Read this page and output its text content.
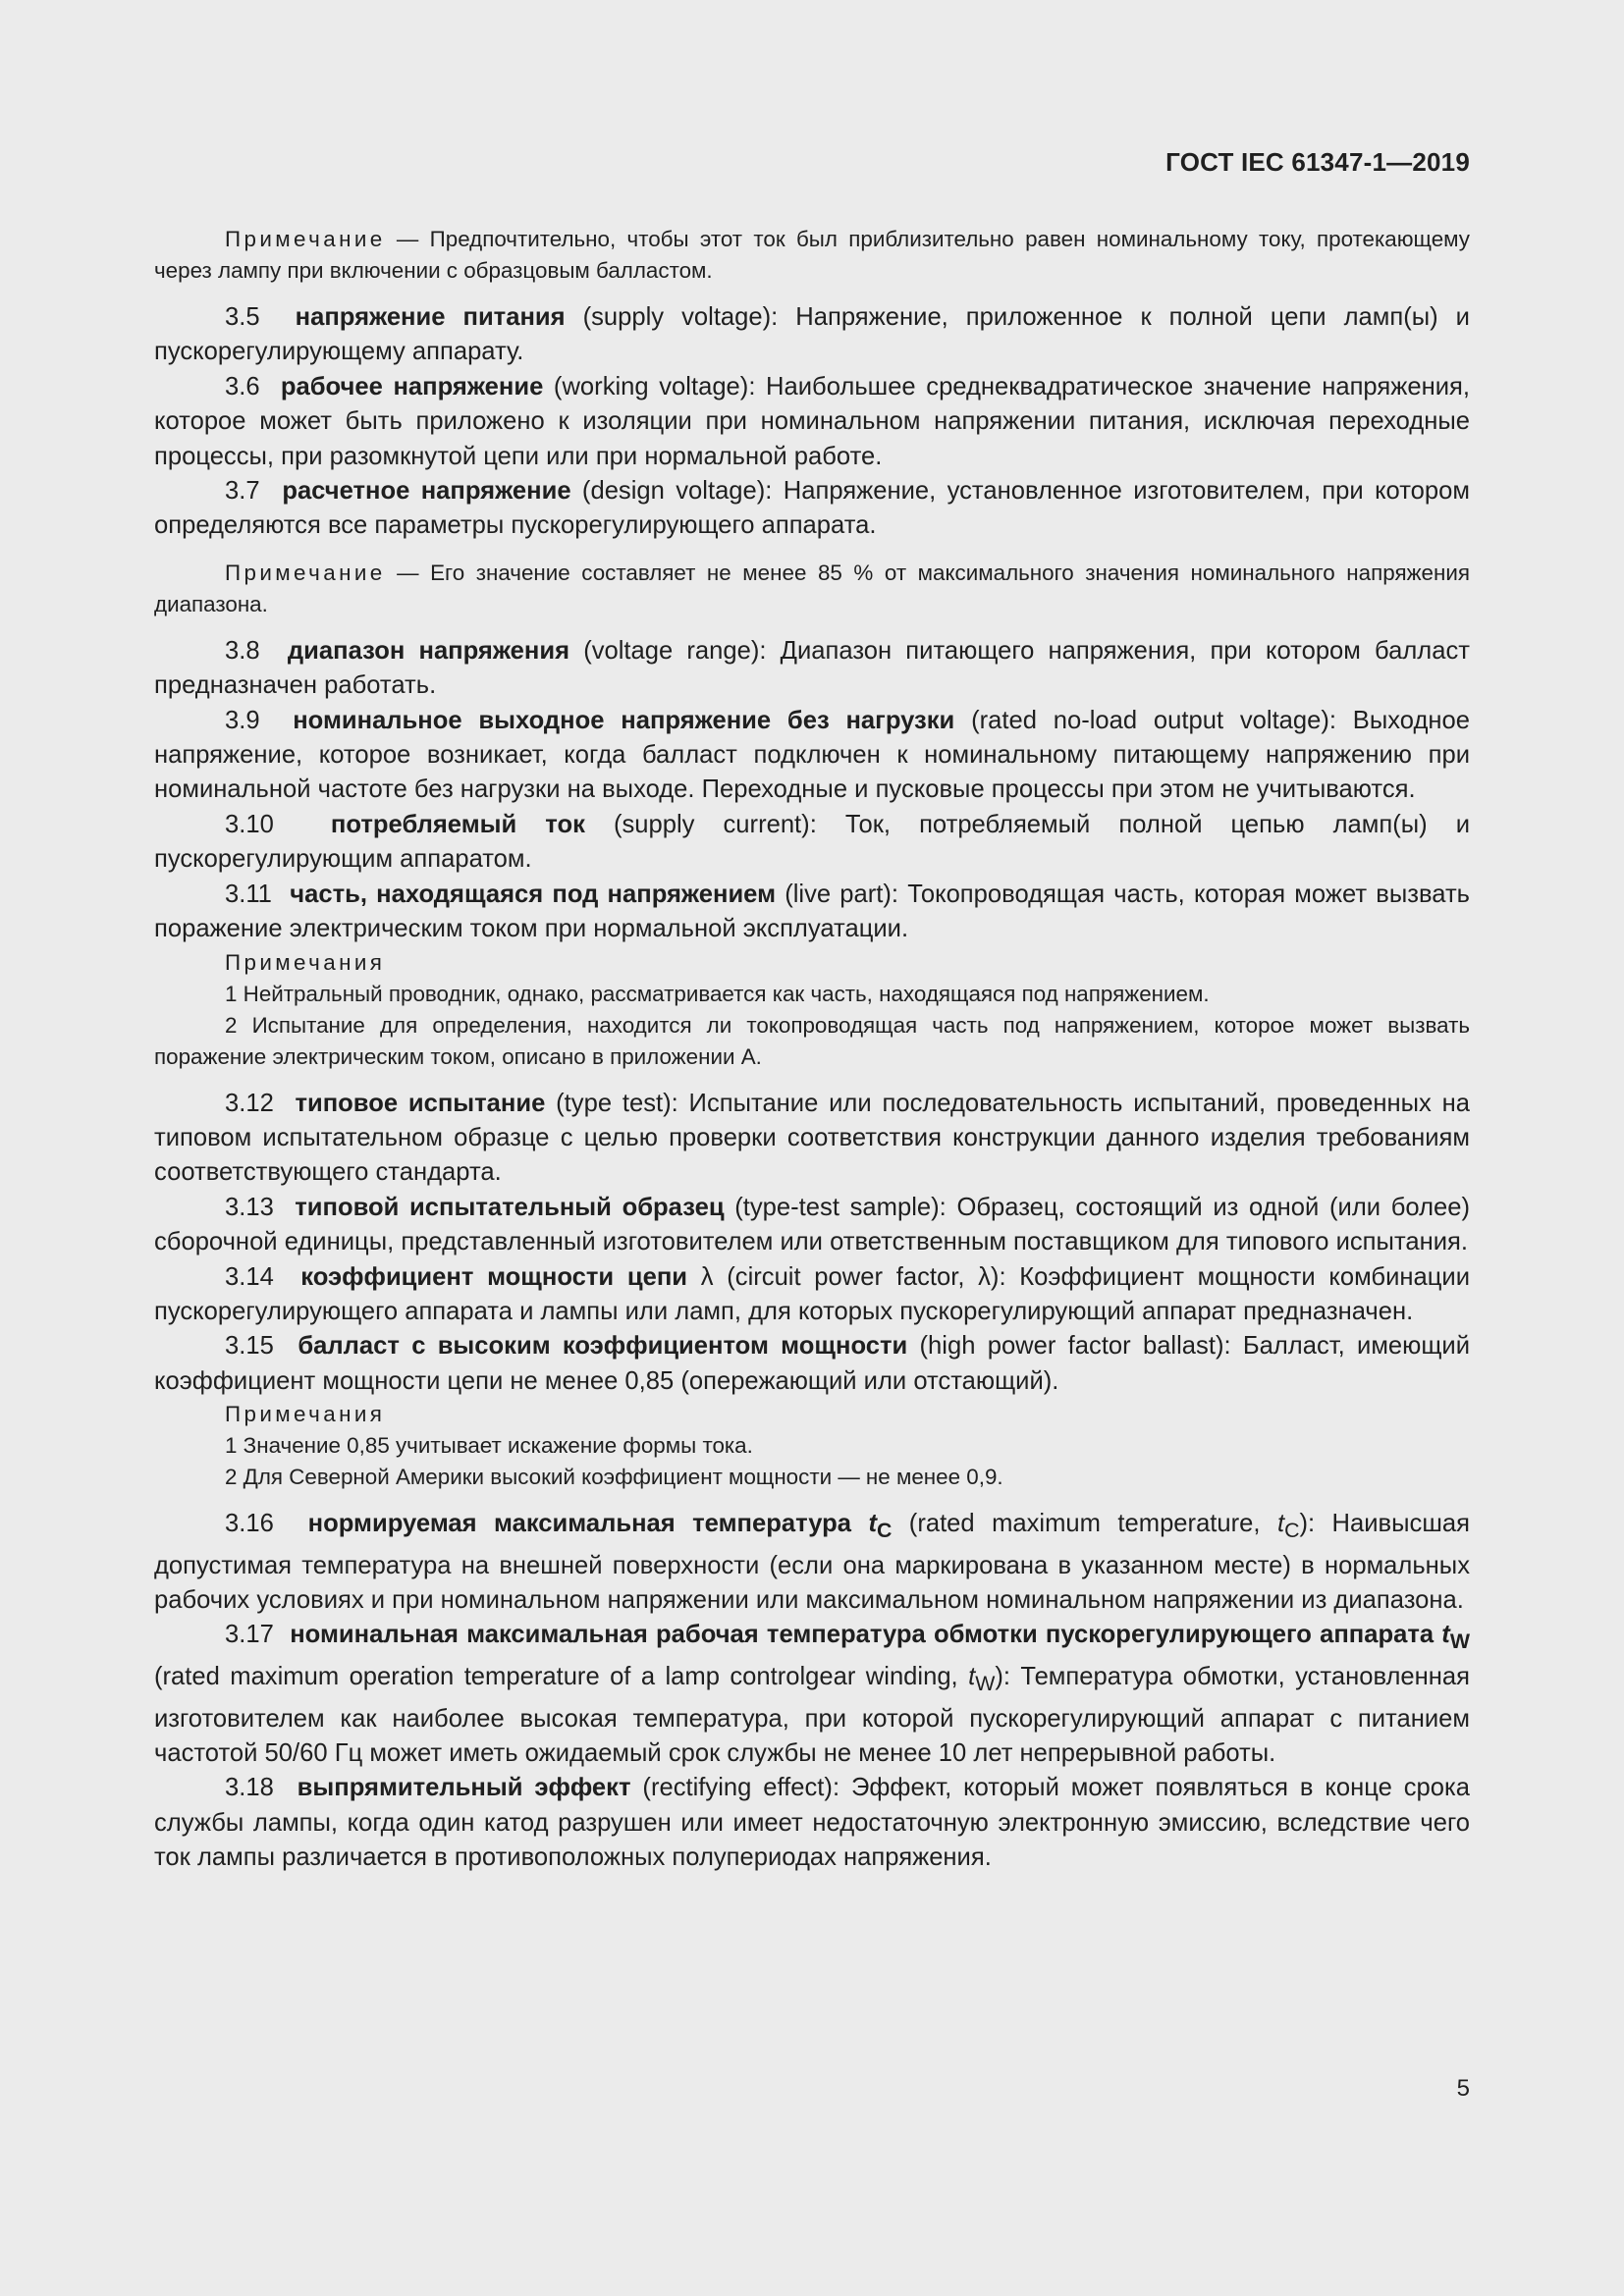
ГОСТ IEC 61347-1—2019

Примечание — Предпочтительно, чтобы этот ток был приблизительно равен номинальному току, протекающему через лампу при включении с образцовым балластом.

3.5 напряжение питания (supply voltage): Напряжение, приложенное к полной цепи ламп(ы) и пускорегулирующему аппарату.

3.6 рабочее напряжение (working voltage): Наибольшее среднеквадратическое значение напряжения, которое может быть приложено к изоляции при номинальном напряжении питания, исключая переходные процессы, при разомкнутой цепи или при нормальной работе.

3.7 расчетное напряжение (design voltage): Напряжение, установленное изготовителем, при котором определяются все параметры пускорегулирующего аппарата.

Примечание — Его значение составляет не менее 85 % от максимального значения номинального напряжения диапазона.

3.8 диапазон напряжения (voltage range): Диапазон питающего напряжения, при котором балласт предназначен работать.

3.9 номинальное выходное напряжение без нагрузки (rated no-load output voltage): Выходное напряжение, которое возникает, когда балласт подключен к номинальному питающему напряжению при номинальной частоте без нагрузки на выходе. Переходные и пусковые процессы при этом не учитываются.

3.10 потребляемый ток (supply current): Ток, потребляемый полной цепью ламп(ы) и пускорегулирующим аппаратом.

3.11 часть, находящаяся под напряжением (live part): Токопроводящая часть, которая может вызвать поражение электрическим током при нормальной эксплуатации.

Примечания

1 Нейтральный проводник, однако, рассматривается как часть, находящаяся под напряжением.

2 Испытание для определения, находится ли токопроводящая часть под напряжением, которое может вызвать поражение электрическим током, описано в приложении А.

3.12 типовое испытание (type test): Испытание или последовательность испытаний, проведенных на типовом испытательном образце с целью проверки соответствия конструкции данного изделия требованиям соответствующего стандарта.

3.13 типовой испытательный образец (type-test sample): Образец, состоящий из одной (или более) сборочной единицы, представленный изготовителем или ответственным поставщиком для типового испытания.

3.14 коэффициент мощности цепи λ (circuit power factor, λ): Коэффициент мощности комбинации пускорегулирующего аппарата и лампы или ламп, для которых пускорегулирующий аппарат предназначен.

3.15 балласт с высоким коэффициентом мощности (high power factor ballast): Балласт, имеющий коэффициент мощности цепи не менее 0,85 (опережающий или отстающий).

Примечания

1 Значение 0,85 учитывает искажение формы тока.

2 Для Северной Америки высокий коэффициент мощности — не менее 0,9.

3.16 нормируемая максимальная температура $t_C$ (rated maximum temperature, $t_C$): Наивысшая допустимая температура на внешней поверхности (если она маркирована в указанном месте) в нормальных рабочих условиях и при номинальном напряжении или максимальном номинальном напряжении из диапазона.

3.17 номинальная максимальная рабочая температура обмотки пускорегулирующего аппарата $t_W$ (rated maximum operation temperature of a lamp controlgear winding, $t_W$): Температура обмотки, установленная изготовителем как наиболее высокая температура, при которой пускорегулирующий аппарат с питанием частотой 50/60 Гц может иметь ожидаемый срок службы не менее 10 лет непрерывной работы.

3.18 выпрямительный эффект (rectifying effect): Эффект, который может появляться в конце срока службы лампы, когда один катод разрушен или имеет недостаточную электронную эмиссию, вследствие чего ток лампы различается в противоположных полупериодах напряжения.

5
